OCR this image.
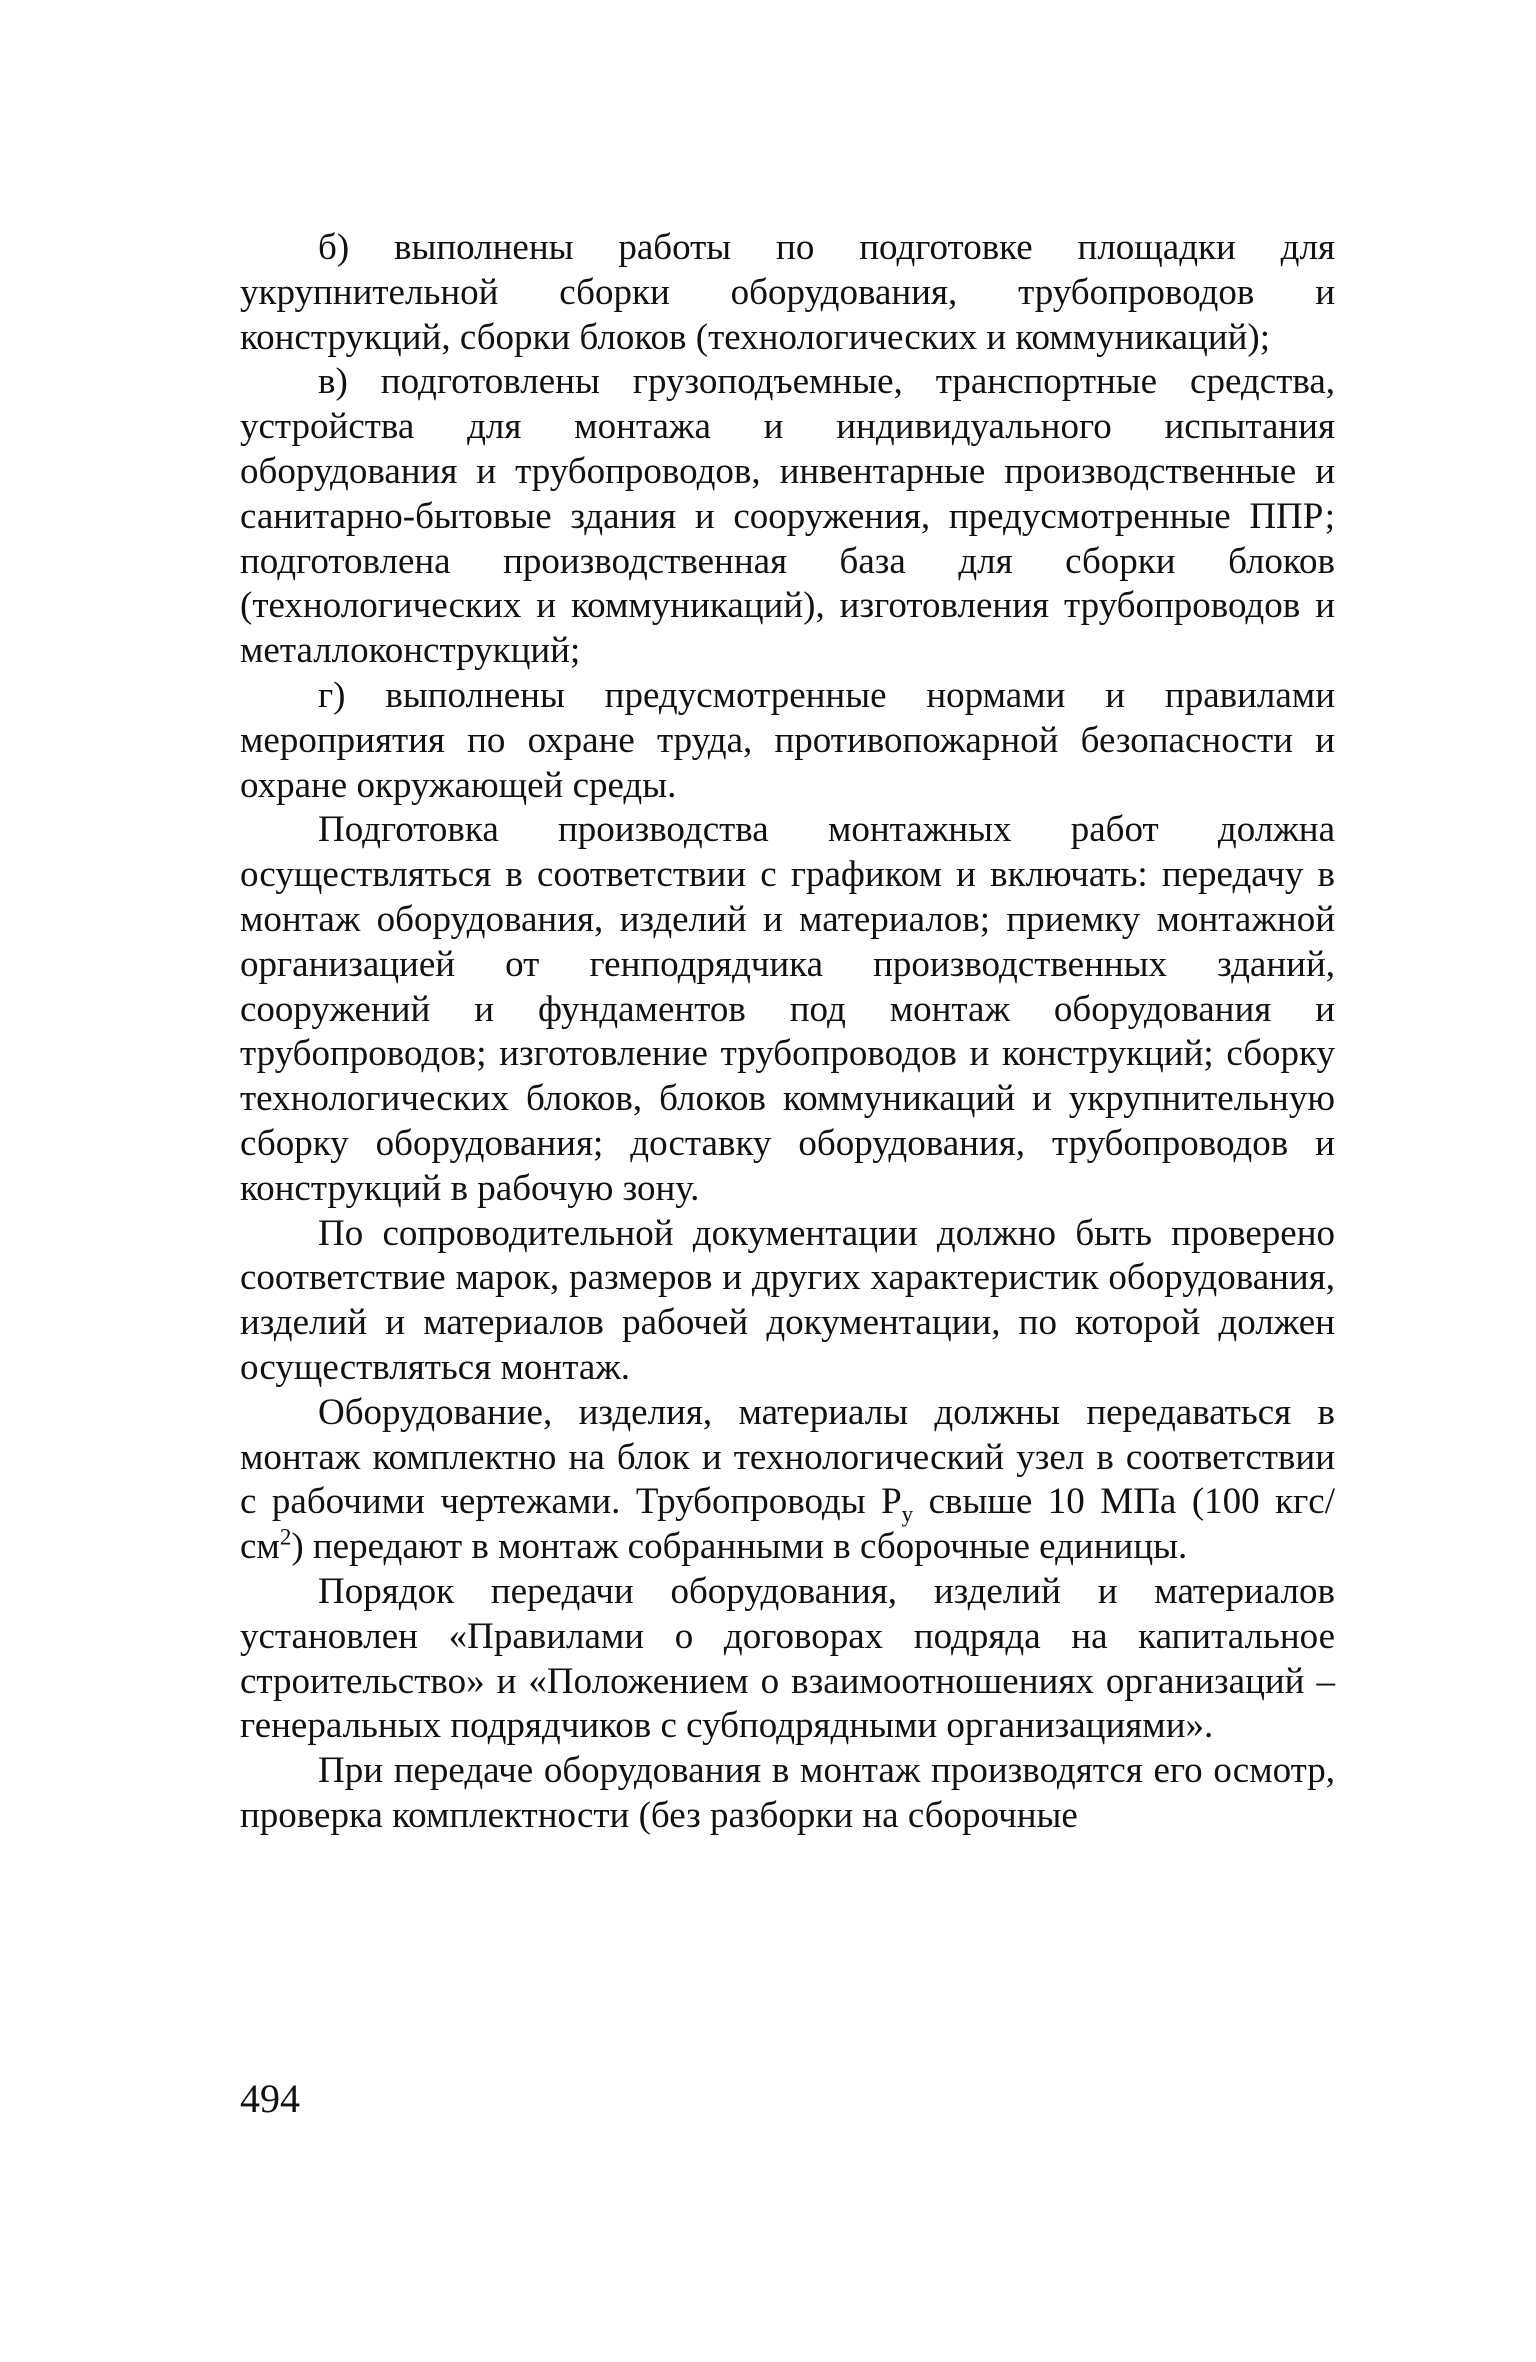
б) выполнены работы по подготовке площадки для укрупнительной сборки оборудования, трубопроводов и конструкций, сборки блоков (технологических и коммуникаций);

в) подготовлены грузоподъемные, транспортные средства, устройства для монтажа и индивидуального испытания оборудования и трубопроводов, инвентарные производственные и санитарно-бытовые здания и сооружения, предусмотренные ППР; подготовлена производственная база для сборки блоков (технологических и коммуникаций), изготовления трубопроводов и металлоконструкций;

г) выполнены предусмотренные нормами и правилами мероприятия по охране труда, противопожарной безопасности и охране окружающей среды.

Подготовка производства монтажных работ должна осуществляться в соответствии с графиком и включать: передачу в монтаж оборудования, изделий и материалов; приемку монтажной организацией от генподрядчика производственных зданий, сооружений и фундаментов под монтаж оборудования и трубопроводов; изготовление трубопроводов и конструкций; сборку технологических блоков, блоков коммуникаций и укрупнительную сборку оборудования; доставку оборудования, трубопроводов и конструкций в рабочую зону.

По сопроводительной документации должно быть проверено соответствие марок, размеров и других характеристик оборудования, изделий и материалов рабочей документации, по которой должен осуществляться монтаж.

Оборудование, изделия, материалы должны передаваться в монтаж комплектно на блок и технологический узел в соответствии с рабочими чертежами. Трубопроводы $Р_у$ свыше 10 МПа (100 кгс/$см^2$) передают в монтаж собранными в сборочные единицы.

Порядок передачи оборудования, изделий и материалов установлен «Правилами о договорах подряда на капитальное строительство» и «Положением о взаимоотношениях организаций – генеральных подрядчиков с субподрядными организациями».

При передаче оборудования в монтаж производятся его осмотр, проверка комплектности (без разборки на сборочные

494
